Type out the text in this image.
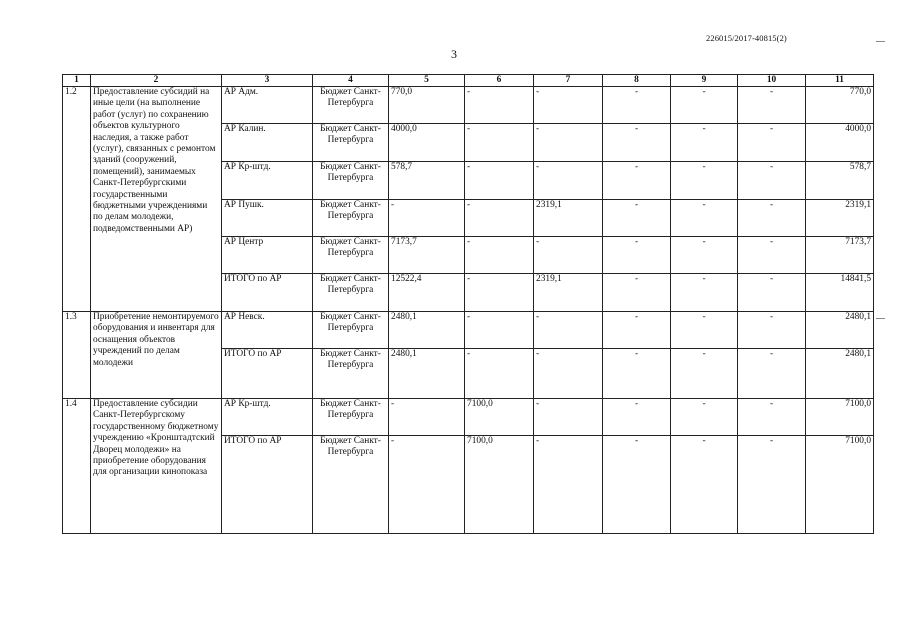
226015/2017-40815(2)
3
1	2	3	4	5	6	7	8	9	10	11
1.2	Предоставление субсидий на иные цели (на выполнение работ (услуг) по сохранению объектов культурного наследия, а также работ (услуг), связанных с ремонтом зданий (сооружений, помещений), занимаемых Санкт-Петербургскими государственными бюджетными учреждениями по делам молодежи, подведомственными АР)	АР Адм.	Бюджет Санкт-Петербурга	770,0	-	-	-	-	-	770,0
		АР Калин.	Бюджет Санкт-Петербурга	4000,0	-	-	-	-	-	4000,0
		АР Кр-штд.	Бюджет Санкт-Петербурга	578,7	-	-	-	-	-	578,7
		АР Пушк.	Бюджет Санкт-Петербурга	-	-	2319,1	-	-	-	2319,1
		АР Центр	Бюджет Санкт-Петербурга	7173,7	-	-	-	-	-	7173,7
		ИТОГО по АР	Бюджет Санкт-Петербурга	12522,4	-	2319,1	-	-	-	14841,5
1.3	Приобретение немонтируемого оборудования и инвентаря для оснащения объектов учреждений по делам молодежи	АР Невск.	Бюджет Санкт-Петербурга	2480,1	-	-	-	-	-	2480,1
		ИТОГО по АР	Бюджет Санкт-Петербурга	2480,1	-	-	-	-	-	2480,1
1.4	Предоставление субсидии Санкт-Петербургскому государственному бюджетному учреждению «Кронштадтский Дворец молодежи» на приобретение оборудования для организации кинопоказа	АР Кр-штд.	Бюджет Санкт-Петербурга	-	7100,0	-	-	-	-	7100,0
		ИТОГО по АР	Бюджет Санкт-Петербурга	-	7100,0	-	-	-	-	7100,0
